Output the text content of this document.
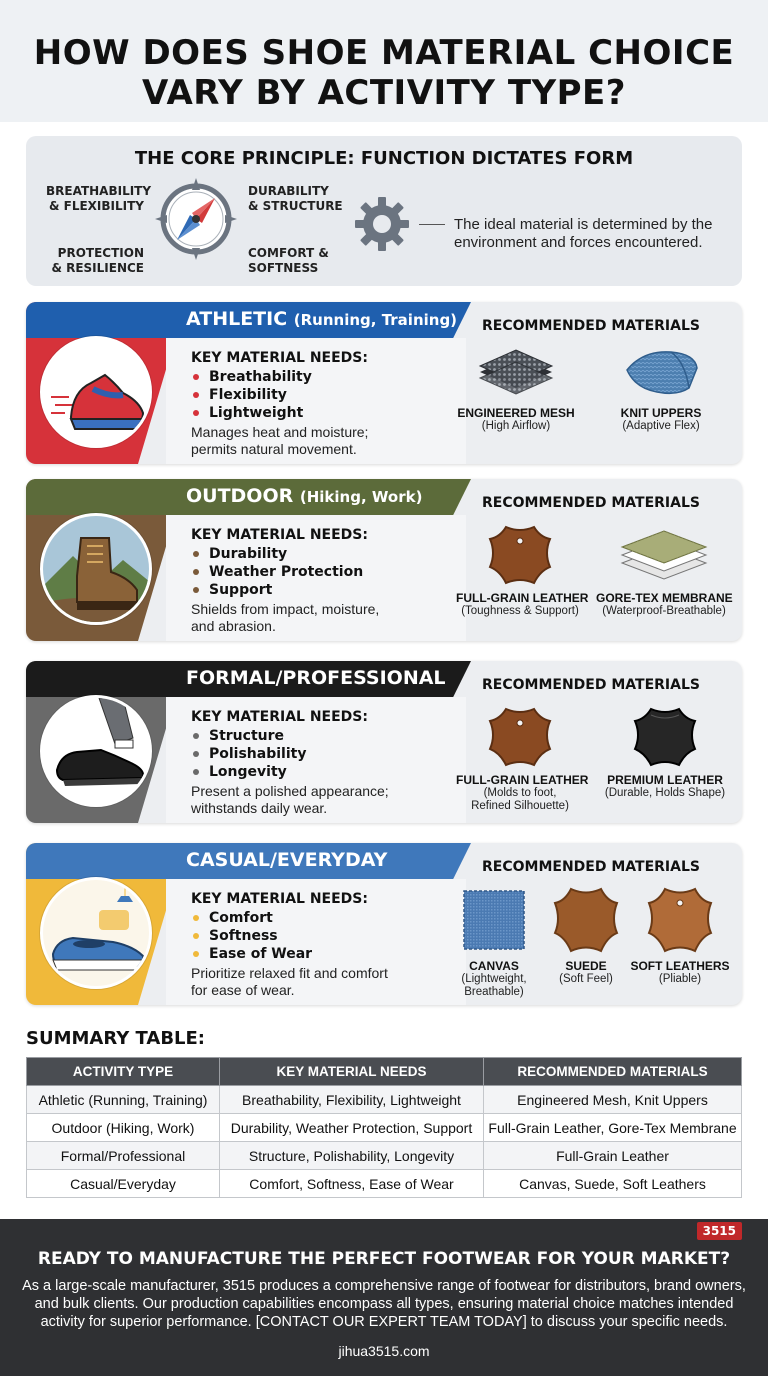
HOW DOES SHOE MATERIAL CHOICE
VARY BY ACTIVITY TYPE?
THE CORE PRINCIPLE: FUNCTION DICTATES FORM
BREATHABILITY
& FLEXIBILITY
DURABILITY
& STRUCTURE
PROTECTION
& RESILIENCE
COMFORT &
SOFTNESS
The ideal material is determined by the
environment and forces encountered.
ATHLETIC (Running, Training)
KEY MATERIAL NEEDS:
Breathability
Flexibility
Lightweight
Manages heat and moisture;
permits natural movement.
RECOMMENDED MATERIALS
ENGINEERED MESH
(High Airflow)
KNIT UPPERS
(Adaptive Flex)
OUTDOOR (Hiking, Work)
KEY MATERIAL NEEDS:
Durability
Weather Protection
Support
Shields from impact, moisture,
and abrasion.
RECOMMENDED MATERIALS
FULL-GRAIN LEATHER
(Toughness & Support)
GORE-TEX MEMBRANE
(Waterproof-Breathable)
FORMAL/PROFESSIONAL
KEY MATERIAL NEEDS:
Structure
Polishability
Longevity
Present a polished appearance;
withstands daily wear.
RECOMMENDED MATERIALS
FULL-GRAIN LEATHER
(Molds to foot,
Refined Silhouette)
PREMIUM LEATHER
(Durable, Holds Shape)
CASUAL/EVERYDAY
KEY MATERIAL NEEDS:
Comfort
Softness
Ease of Wear
Prioritize relaxed fit and comfort
for ease of wear.
RECOMMENDED MATERIALS
CANVAS
(Lightweight,
Breathable)
SUEDE
(Soft Feel)
SOFT LEATHERS
(Pliable)
SUMMARY TABLE:
ACTIVITY TYPE	KEY MATERIAL NEEDS	RECOMMENDED MATERIALS
Athletic (Running, Training)	Breathability, Flexibility, Lightweight	Engineered Mesh, Knit Uppers
Outdoor (Hiking, Work)	Durability, Weather Protection, Support	Full-Grain Leather, Gore-Tex Membrane
Formal/Professional	Structure, Polishability, Longevity	Full-Grain Leather
Casual/Everyday	Comfort, Softness, Ease of Wear	Canvas, Suede, Soft Leathers
3515
READY TO MANUFACTURE THE PERFECT FOOTWEAR FOR YOUR MARKET?
As a large-scale manufacturer, 3515 produces a comprehensive range of footwear for distributors, brand owners,
and bulk clients. Our production capabilities encompass all types, ensuring material choice matches intended
activity for superior performance. [CONTACT OUR EXPERT TEAM TODAY] to discuss your specific needs.
jihua3515.com
